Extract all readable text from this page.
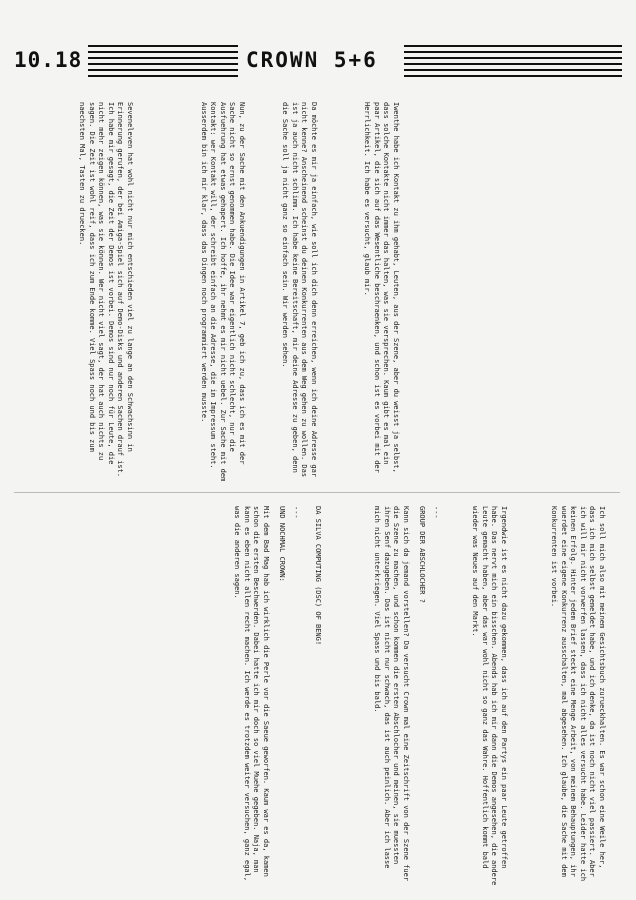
10.18	CROWN 5+6
Iwenthe habe ich Kontakt zu ihm gehabt, Leuten, aus der Szene, aber du weisst ja selbst, dass solche Kontakte nicht immer das halten, was sie versprechen. Kaum gibt es mal ein paar Artikel, die sich auf das Wesentliche beschraenken, und schon ist es vorbei mit der Herrlichkeit. Ich habe es versucht, glaub mir.
Da möchte es mir ja einfach, wie soll ich dich denn erreichen, wenn ich deine Adresse gar nicht kenne? Anscheinend scheinst du deinen Konkurrenten aus dem Weg gehen zu wollen. Das ist ja auch nicht schlimm. Ich habe keine Bereitschaft, mir deine Adresse zu geben, denn die Sache soll ja nicht ganz so einfach sein. Wir werden sehen.
Nun, zu der Sache mit den Ankuendigungen in Artikel 7, geb ich zu, dass ich es mit der Sache nicht so ernst genommen habe. Die Idee war eigentlich nicht schlecht, nur die Ausfuehrung hat etwas gehapert. Ich hoffe, ihr nehmt es mir nicht uebel. Zur Sache mit dem Kontakt: wer Kontakt will, der schreibt einfach an die Adresse, die im Impressum steht. Ausserdem bin ich mir klar, dass das Dingen noch programmiert werden musste.
Seveneleven hat wohl nicht nur mich entschieden viel zu lange an den Schwachsinn in Erinnerung gerufen, der bei Amiga-Spiel sich auf Demo-Disks und anderen Sachen drauf ist. Ich habe mir gesagt, die Zeit der Demos ist vorbei. Demos sind nur noch für Leute, die nicht mehr zeigen können, was sie können. Wer nicht viel sagt, der hat auch nichts zu sagen. Die Zeit ist wohl reif, dass ich zum Ende komme. Viel Spass noch und bis zum naechsten Mal, Tasten zu druecken.
Ich soll mich also mit meinem Gesichtsbuch zurueckhalten. Es war schon eine Weile her, dass ich mich selbst gemeldet habe, und ich denke, da ist noch nicht viel passiert. Aber ich will mir nicht vorwerfen lassen, dass ich nicht alles versucht habe. Leider hatte ich keinen Erfolg. Hinter jedem Brief steckt eine Menge Arbeit, von meinem Behauptungen, ihr wuerdet eine eigene Konkurrenz ausschalten, mal abgesehen. Ich glaube, die Sache mit dem Konkurrenten ist vorbei.
Irgendwie ist es nicht dazu gekommen, dass ich auf den Partys ein paar Leute getroffen habe. Das nervt mich ein bisschen. Abends hab ich mir dann die Demos angesehen, die andere Leute gemacht haben, aber das war wohl nicht so ganz das Wahre. Hoffentlich kommt bald wieder was Neues auf den Markt.
---
GROUP DER ABSCHLOCHER ?
Kann sich da jemand vorstellen? Da versucht Crown mal eine Zeitschrift von der Szene fuer die Szene zu machen, und schon kommen die ersten Abschlocher und meinen, sie muessten ihren Senf dazugeben. Das ist nicht nur schwach, das ist auch peinlich. Aber ich lasse mich nicht unterkriegen. Viel Spass und bis bald.
DA SILVA COMPUTING (DSC) OF BENG!
---
UND NOCHMAL CROWN:
Mit dem Bad Mag hab ich wirklich die Perle vor die Saeue geworfen. Kaum war es da, kamen schon die ersten Beschwerden. Dabei hatte ich mir doch so viel Muehe gegeben. Naja, man kann es eben nicht allen recht machen. Ich werde es trotzdem weiter versuchen, ganz egal, was die anderen sagen.
